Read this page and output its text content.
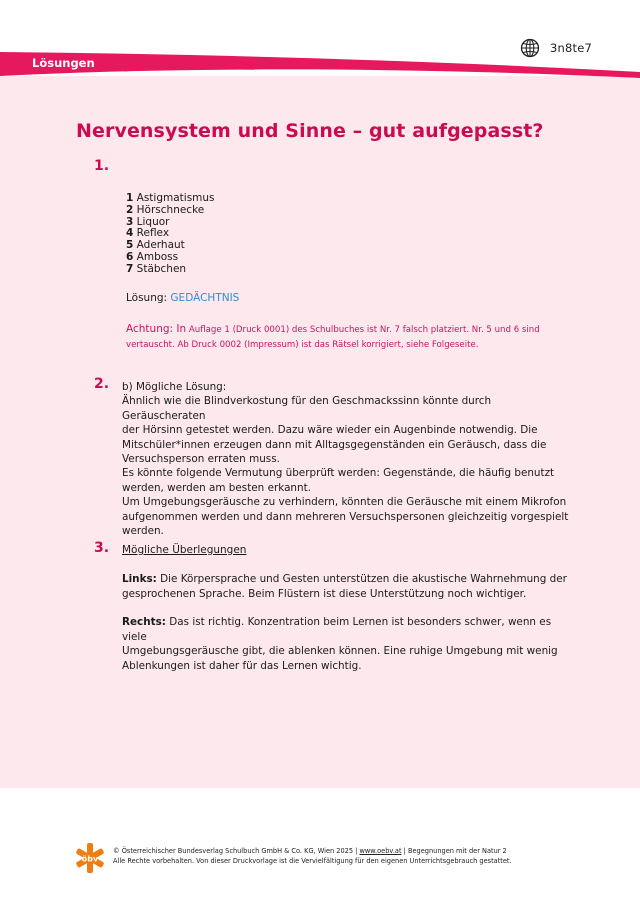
3n8te7
Lösungen
Nervensystem und Sinne – gut aufgepasst?
1.
1 Astigmatismus
2 Hörschnecke
3 Liquor
4 Reflex
5 Aderhaut
6 Amboss
7 Stäbchen
Lösung: GEDÄCHTNIS
Achtung: In Auflage 1 (Druck 0001) des Schulbuches ist Nr. 7 falsch platziert. Nr. 5 und 6 sind vertauscht. Ab Druck 0002 (Impressum) ist das Rätsel korrigiert, siehe Folgeseite.
2. b) Mögliche Lösung:
Ähnlich wie die Blindverkostung für den Geschmackssinn könnte durch Geräuscheraten
der Hörsinn getestet werden. Dazu wäre wieder ein Augenbinde notwendig. Die
Mitschüler*innen erzeugen dann mit Alltagsgegenständen ein Geräusch, dass die
Versuchsperson erraten muss.
Es könnte folgende Vermutung überprüft werden: Gegenstände, die häufig benutzt
werden, werden am besten erkannt.
Um Umgebungsgeräusche zu verhindern, könnten die Geräusche mit einem Mikrofon
aufgenommen werden und dann mehreren Versuchspersonen gleichzeitig vorgespielt
werden.
3. Mögliche Überlegungen
Links: Die Körpersprache und Gesten unterstützen die akustische Wahrnehmung der
gesprochenen Sprache. Beim Flüstern ist diese Unterstützung noch wichtiger.
Rechts: Das ist richtig. Konzentration beim Lernen ist besonders schwer, wenn es viele
Umgebungsgeräusche gibt, die ablenken können. Eine ruhige Umgebung mit wenig
Ablenkungen ist daher für das Lernen wichtig.
öbv
© Österreichischer Bundesverlag Schulbuch GmbH & Co. KG, Wien 2025 | www.oebv.at | Begegnungen mit der Natur 2
Alle Rechte vorbehalten. Von dieser Druckvorlage ist die Vervielfältigung für den eigenen Unterrichtsgebrauch gestattet.
